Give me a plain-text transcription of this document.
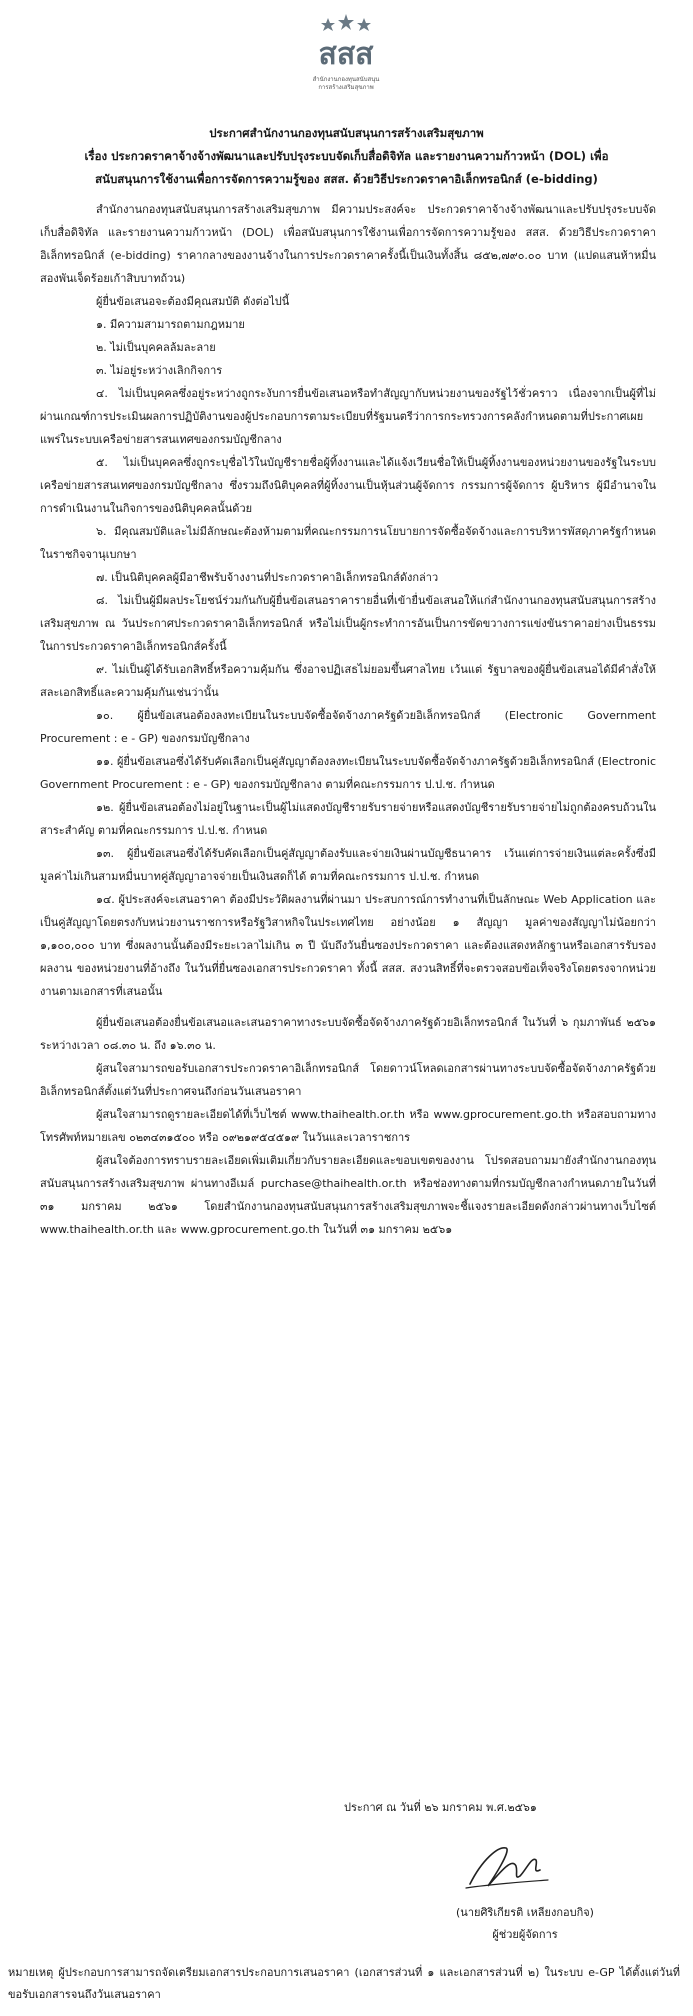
สสส
สำนักงานกองทุนสนับสนุน
การสร้างเสริมสุขภาพ
ประกาศสำนักงานกองทุนสนับสนุนการสร้างเสริมสุขภาพ
เรื่อง ประกวดราคาจ้างจ้างพัฒนาและปรับปรุงระบบจัดเก็บสื่อดิจิทัล และรายงานความก้าวหน้า (DOL) เพื่อ
สนับสนุนการใช้งานเพื่อการจัดการความรู้ของ สสส. ด้วยวิธีประกวดราคาอิเล็กทรอนิกส์ (e-bidding)

สำนักงานกองทุนสนับสนุนการสร้างเสริมสุขภาพ มีความประสงค์จะ ประกวดราคาจ้างจ้างพัฒนาและปรับปรุงระบบจัดเก็บสื่อดิจิทัล และรายงานความก้าวหน้า (DOL) เพื่อสนับสนุนการใช้งานเพื่อการจัดการความรู้ของ สสส. ด้วยวิธีประกวดราคาอิเล็กทรอนิกส์ (e-bidding) ราคากลางของงานจ้างในการประกวดราคาครั้งนี้เป็นเงินทั้งสิ้น ๘๕๒,๗๙๐.๐๐ บาท (แปดแสนห้าหมื่นสองพันเจ็ดร้อยเก้าสิบบาทถ้วน)

ผู้ยื่นข้อเสนอจะต้องมีคุณสมบัติ ดังต่อไปนี้

๑. มีความสามารถตามกฎหมาย

๒. ไม่เป็นบุคคลล้มละลาย

๓. ไม่อยู่ระหว่างเลิกกิจการ

๔. ไม่เป็นบุคคลซึ่งอยู่ระหว่างถูกระงับการยื่นข้อเสนอหรือทำสัญญากับหน่วยงานของรัฐไว้ชั่วคราว เนื่องจากเป็นผู้ที่ไม่ผ่านเกณฑ์การประเมินผลการปฏิบัติงานของผู้ประกอบการตามระเบียบที่รัฐมนตรีว่าการกระทรวงการคลังกำหนดตามที่ประกาศเผยแพร่ในระบบเครือข่ายสารสนเทศของกรมบัญชีกลาง

๕. ไม่เป็นบุคคลซึ่งถูกระบุชื่อไว้ในบัญชีรายชื่อผู้ทิ้งงานและได้แจ้งเวียนชื่อให้เป็นผู้ทิ้งงานของหน่วยงานของรัฐในระบบเครือข่ายสารสนเทศของกรมบัญชีกลาง ซึ่งรวมถึงนิติบุคคลที่ผู้ทิ้งงานเป็นหุ้นส่วนผู้จัดการ กรรมการผู้จัดการ ผู้บริหาร ผู้มีอำนาจในการดำเนินงานในกิจการของนิติบุคคลนั้นด้วย

๖. มีคุณสมบัติและไม่มีลักษณะต้องห้ามตามที่คณะกรรมการนโยบายการจัดซื้อจัดจ้างและการบริหารพัสดุภาครัฐกำหนดในราชกิจจานุเบกษา

๗. เป็นนิติบุคคลผู้มีอาชีพรับจ้างงานที่ประกวดราคาอิเล็กทรอนิกส์ดังกล่าว

๘. ไม่เป็นผู้มีผลประโยชน์ร่วมกันกับผู้ยื่นข้อเสนอราคารายอื่นที่เข้ายื่นข้อเสนอให้แก่สำนักงานกองทุนสนับสนุนการสร้างเสริมสุขภาพ ณ วันประกาศประกวดราคาอิเล็กทรอนิกส์ หรือไม่เป็นผู้กระทำการอันเป็นการขัดขวางการแข่งขันราคาอย่างเป็นธรรม ในการประกวดราคาอิเล็กทรอนิกส์ครั้งนี้

๙. ไม่เป็นผู้ได้รับเอกสิทธิ์หรือความคุ้มกัน ซึ่งอาจปฏิเสธไม่ยอมขึ้นศาลไทย เว้นแต่ รัฐบาลของผู้ยื่นข้อเสนอได้มีคำสั่งให้สละเอกสิทธิ์และความคุ้มกันเช่นว่านั้น

๑๐. ผู้ยื่นข้อเสนอต้องลงทะเบียนในระบบจัดซื้อจัดจ้างภาครัฐด้วยอิเล็กทรอนิกส์ (Electronic Government Procurement : e - GP) ของกรมบัญชีกลาง

๑๑. ผู้ยื่นข้อเสนอซึ่งได้รับคัดเลือกเป็นคู่สัญญาต้องลงทะเบียนในระบบจัดซื้อจัดจ้างภาครัฐด้วยอิเล็กทรอนิกส์ (Electronic Government Procurement : e - GP) ของกรมบัญชีกลาง ตามที่คณะกรรมการ ป.ป.ช. กำหนด

๑๒. ผู้ยื่นข้อเสนอต้องไม่อยู่ในฐานะเป็นผู้ไม่แสดงบัญชีรายรับรายจ่ายหรือแสดงบัญชีรายรับรายจ่ายไม่ถูกต้องครบถ้วนในสาระสำคัญ ตามที่คณะกรรมการ ป.ป.ช. กำหนด

๑๓. ผู้ยื่นข้อเสนอซึ่งได้รับคัดเลือกเป็นคู่สัญญาต้องรับและจ่ายเงินผ่านบัญชีธนาคาร เว้นแต่การจ่ายเงินแต่ละครั้งซึ่งมีมูลค่าไม่เกินสามหมื่นบาทคู่สัญญาอาจจ่ายเป็นเงินสดก็ได้ ตามที่คณะกรรมการ ป.ป.ช. กำหนด

๑๔. ผู้ประสงค์จะเสนอราคา ต้องมีประวัติผลงานที่ผ่านมา ประสบการณ์การทำงานที่เป็นลักษณะ Web Application และเป็นคู่สัญญาโดยตรงกับหน่วยงานราชการหรือรัฐวิสาหกิจในประเทศไทย อย่างน้อย ๑ สัญญา มูลค่าของสัญญาไม่น้อยกว่า ๑,๑๐๐,๐๐๐ บาท ซึ่งผลงานนั้นต้องมีระยะเวลาไม่เกิน ๓ ปี นับถึงวันยื่นซองประกวดราคา และต้องแสดงหลักฐานหรือเอกสารรับรอง ผลงาน ของหน่วยงานที่อ้างถึง ในวันที่ยื่นซองเอกสารประกวดราคา ทั้งนี้ สสส. สงวนสิทธิ์ที่จะตรวจสอบข้อเท็จจริงโดยตรงจากหน่วยงานตามเอกสารที่เสนอนั้น

ผู้ยื่นข้อเสนอต้องยื่นข้อเสนอและเสนอราคาทางระบบจัดซื้อจัดจ้างภาครัฐด้วยอิเล็กทรอนิกส์ ในวันที่ ๖ กุมภาพันธ์ ๒๕๖๑ ระหว่างเวลา ๐๘.๓๐ น. ถึง ๑๖.๓๐ น.

ผู้สนใจสามารถขอรับเอกสารประกวดราคาอิเล็กทรอนิกส์ โดยดาวน์โหลดเอกสารผ่านทางระบบจัดซื้อจัดจ้างภาครัฐด้วยอิเล็กทรอนิกส์ตั้งแต่วันที่ประกาศจนถึงก่อนวันเสนอราคา

ผู้สนใจสามารถดูรายละเอียดได้ที่เว็บไซต์ www.thaihealth.or.th หรือ www.gprocurement.go.th หรือสอบถามทางโทรศัพท์หมายเลข ๐๒๓๔๓๑๕๐๐ หรือ ๐๙๒๑๙๕๔๕๑๙ ในวันและเวลาราชการ

ผู้สนใจต้องการทราบรายละเอียดเพิ่มเติมเกี่ยวกับรายละเอียดและขอบเขตของงาน โปรดสอบถามมายังสำนักงานกองทุนสนับสนุนการสร้างเสริมสุขภาพ ผ่านทางอีเมล์ purchase@thaihealth.or.th หรือช่องทางตามที่กรมบัญชีกลางกำหนดภายในวันที่ ๓๑ มกราคม ๒๕๖๑ โดยสำนักงานกองทุนสนับสนุนการสร้างเสริมสุขภาพจะชี้แจงรายละเอียดดังกล่าวผ่านทางเว็บไซต์ www.thaihealth.or.th และ www.gprocurement.go.th ในวันที่ ๓๑ มกราคม ๒๕๖๑

ประกาศ ณ วันที่ ๒๖ มกราคม พ.ศ.๒๕๖๑
(นายศิริเกียรติ เหลียงกอบกิจ)
ผู้ช่วยผู้จัดการ

หมายเหตุ ผู้ประกอบการสามารถจัดเตรียมเอกสารประกอบการเสนอราคา (เอกสารส่วนที่ ๑ และเอกสารส่วนที่ ๒) ในระบบ e-GP ได้ตั้งแต่วันที่ขอรับเอกสารจนถึงวันเสนอราคา
